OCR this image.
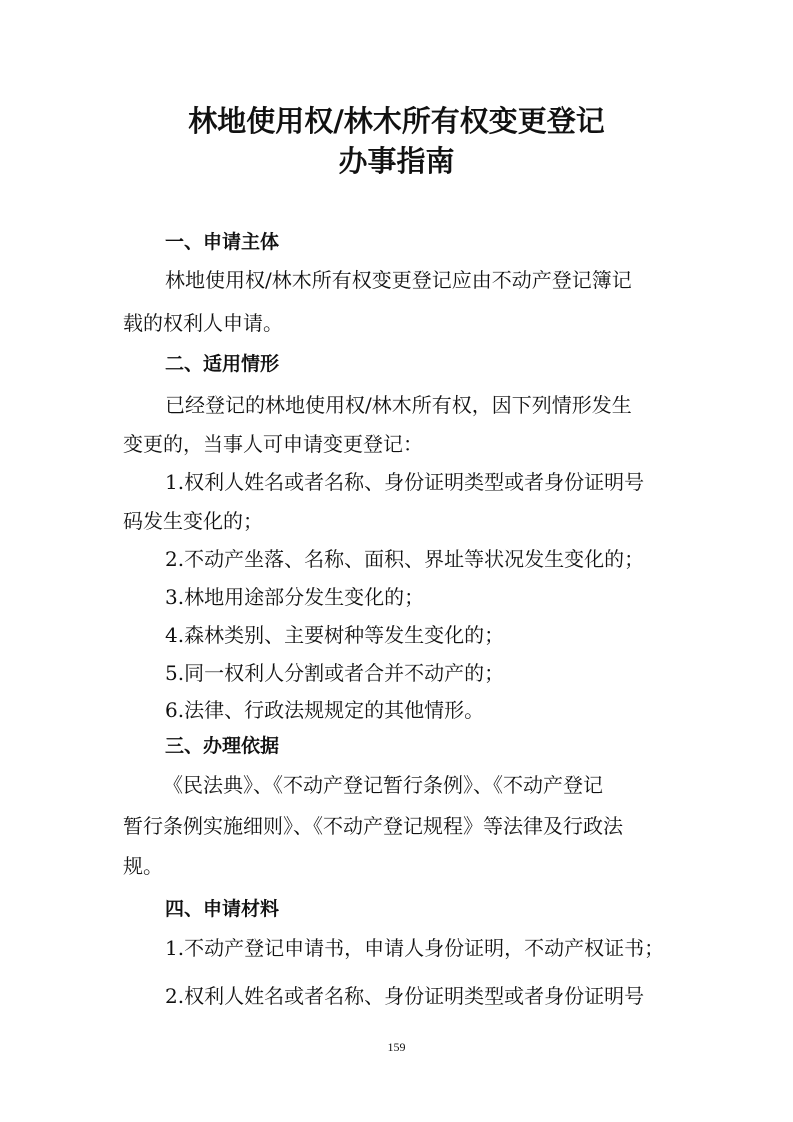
林地使用权/林木所有权变更登记
办事指南
一、申请主体
林地使用权/林木所有权变更登记应由不动产登记簿记
载的权利人申请。
二、适用情形
已经登记的林地使用权/林木所有权，因下列情形发生
变更的，当事人可申请变更登记：
1.权利人姓名或者名称、身份证明类型或者身份证明号
码发生变化的；
2.不动产坐落、名称、面积、界址等状况发生变化的；
3.林地用途部分发生变化的；
4.森林类别、主要树种等发生变化的；
5.同一权利人分割或者合并不动产的；
6.法律、行政法规规定的其他情形。
三、办理依据
《民法典》、《不动产登记暂行条例》、《不动产登记
暂行条例实施细则》、《不动产登记规程》等法律及行政法
规。
四、申请材料
1.不动产登记申请书，申请人身份证明，不动产权证书；
2.权利人姓名或者名称、身份证明类型或者身份证明号
159
